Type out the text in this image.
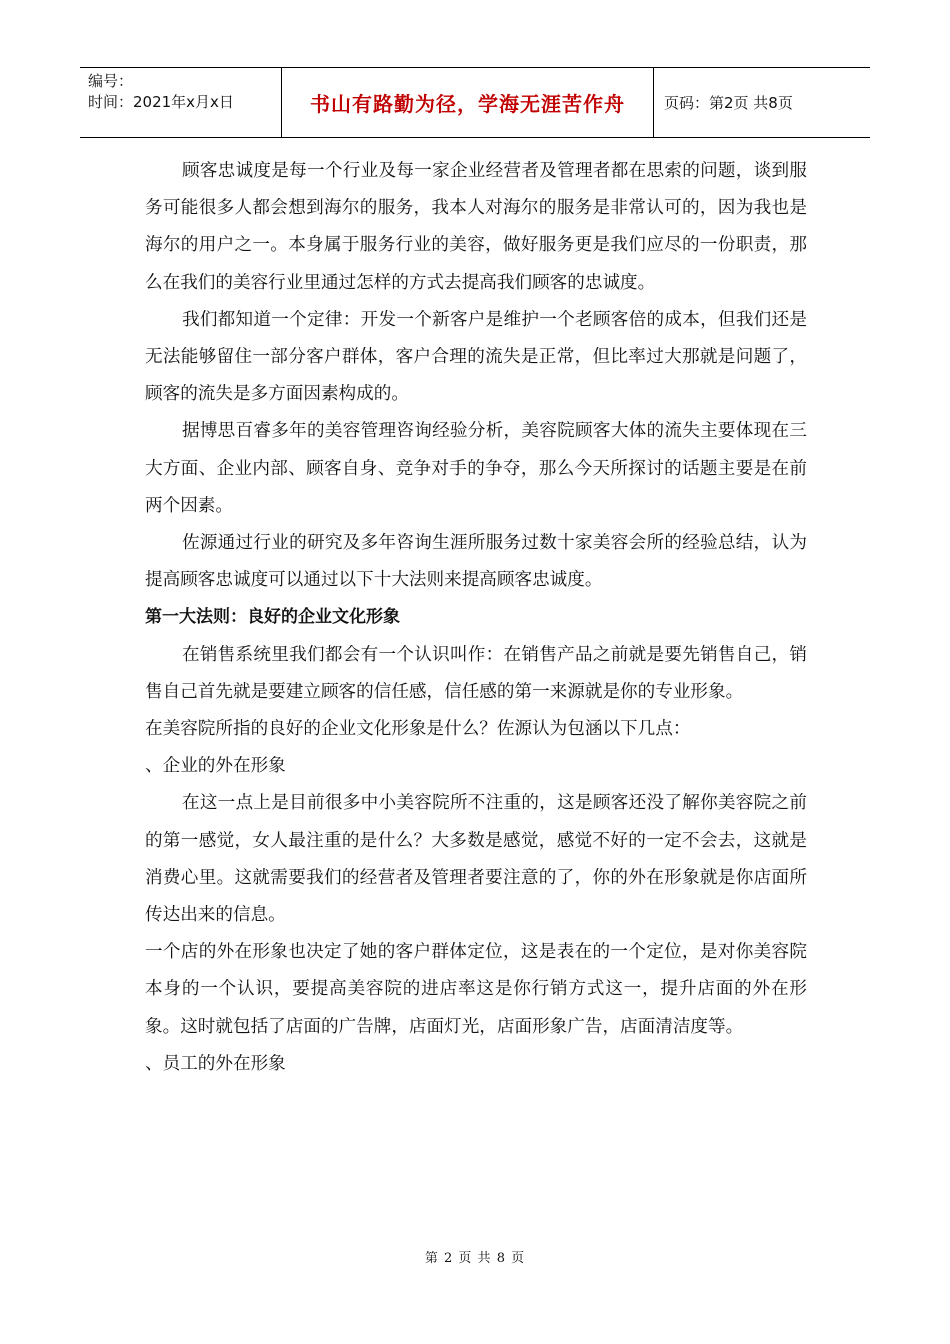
编号：
时间：2021年x月x日	书山有路勤为径，学海无涯苦作舟	页码：第2页 共8页

顾客忠诚度是每一个行业及每一家企业经营者及管理者都在思索的问题，谈到服务可能很多人都会想到海尔的服务，我本人对海尔的服务是非常认可的，因为我也是海尔的用户之一。本身属于服务行业的美容，做好服务更是我们应尽的一份职责，那么在我们的美容行业里通过怎样的方式去提高我们顾客的忠诚度。

我们都知道一个定律：开发一个新客户是维护一个老顾客倍的成本，但我们还是无法能够留住一部分客户群体，客户合理的流失是正常，但比率过大那就是问题了，顾客的流失是多方面因素构成的。

据博思百睿多年的美容管理咨询经验分析，美容院顾客大体的流失主要体现在三大方面、企业内部、顾客自身、竞争对手的争夺，那么今天所探讨的话题主要是在前两个因素。

佐源通过行业的研究及多年咨询生涯所服务过数十家美容会所的经验总结，认为提高顾客忠诚度可以通过以下十大法则来提高顾客忠诚度。

第一大法则：良好的企业文化形象

在销售系统里我们都会有一个认识叫作：在销售产品之前就是要先销售自己，销售自己首先就是要建立顾客的信任感，信任感的第一来源就是你的专业形象。

在美容院所指的良好的企业文化形象是什么？佐源认为包涵以下几点：

、企业的外在形象

在这一点上是目前很多中小美容院所不注重的，这是顾客还没了解你美容院之前的第一感觉，女人最注重的是什么？大多数是感觉，感觉不好的一定不会去，这就是消费心里。这就需要我们的经营者及管理者要注意的了，你的外在形象就是你店面所传达出来的信息。

一个店的外在形象也决定了她的客户群体定位，这是表在的一个定位，是对你美容院本身的一个认识，要提高美容院的进店率这是你行销方式这一，提升店面的外在形象。这时就包括了店面的广告牌，店面灯光，店面形象广告，店面清洁度等。

、员工的外在形象

第 2 页 共 8 页
